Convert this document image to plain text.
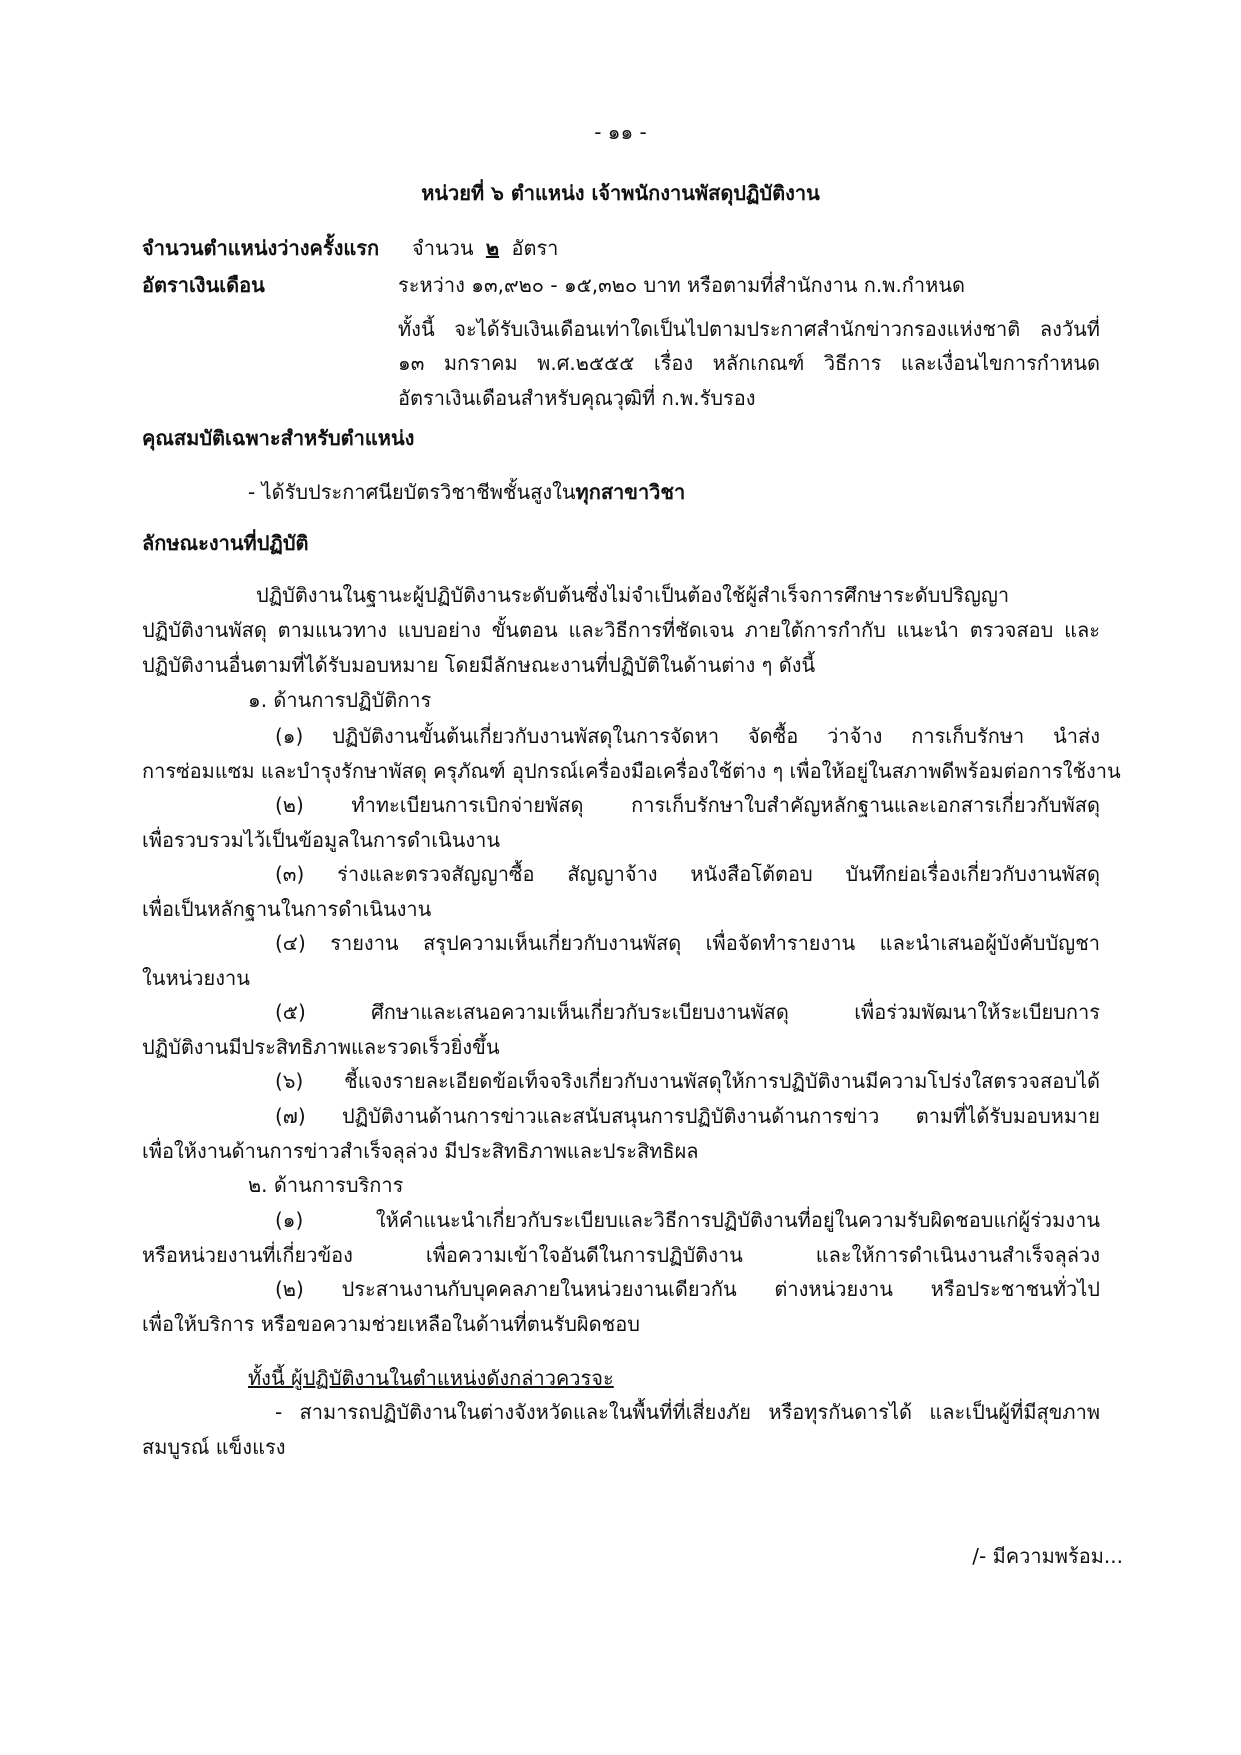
- ๑๑ -
หน่วยที่ ๖ ตำแหน่ง เจ้าพนักงานพัสดุปฏิบัติงาน
จำนวนตำแหน่งว่างครั้งแรก จำนวน ๒ อัตรา
อัตราเงินเดือน	ระหว่าง ๑๓,๙๒๐ - ๑๕,๓๒๐ บาท หรือตามที่สำนักงาน ก.พ.กำหนด
ทั้งนี้ จะได้รับเงินเดือนเท่าใดเป็นไปตามประกาศสำนักข่าวกรองแห่งชาติ ลงวันที่
๑๓ มกราคม พ.ศ.๒๕๕๕ เรื่อง หลักเกณฑ์ วิธีการ และเงื่อนไขการกำหนด
อัตราเงินเดือนสำหรับคุณวุฒิที่ ก.พ.รับรอง
คุณสมบัติเฉพาะสำหรับตำแหน่ง
- ได้รับประกาศนียบัตรวิชาชีพชั้นสูงในทุกสาขาวิชา
ลักษณะงานที่ปฏิบัติ
ปฏิบัติงานในฐานะผู้ปฏิบัติงานระดับต้นซึ่งไม่จำเป็นต้องใช้ผู้สำเร็จการศึกษาระดับปริญญา
ปฏิบัติงานพัสดุ ตามแนวทาง แบบอย่าง ขั้นตอน และวิธีการที่ชัดเจน ภายใต้การกำกับ แนะนำ ตรวจสอบ และ
ปฏิบัติงานอื่นตามที่ได้รับมอบหมาย โดยมีลักษณะงานที่ปฏิบัติในด้านต่าง ๆ ดังนี้
๑. ด้านการปฏิบัติการ
(๑) ปฏิบัติงานขั้นต้นเกี่ยวกับงานพัสดุในการจัดหา จัดซื้อ ว่าจ้าง การเก็บรักษา นำส่ง
การซ่อมแซม และบำรุงรักษาพัสดุ ครุภัณฑ์ อุปกรณ์เครื่องมือเครื่องใช้ต่าง ๆ เพื่อให้อยู่ในสภาพดีพร้อมต่อการใช้งาน
(๒) ทำทะเบียนการเบิกจ่ายพัสดุ การเก็บรักษาใบสำคัญหลักฐานและเอกสารเกี่ยวกับพัสดุ
เพื่อรวบรวมไว้เป็นข้อมูลในการดำเนินงาน
(๓) ร่างและตรวจสัญญาซื้อ สัญญาจ้าง หนังสือโต้ตอบ บันทึกย่อเรื่องเกี่ยวกับงานพัสดุ
เพื่อเป็นหลักฐานในการดำเนินงาน
(๔) รายงาน สรุปความเห็นเกี่ยวกับงานพัสดุ เพื่อจัดทำรายงาน และนำเสนอผู้บังคับบัญชา
ในหน่วยงาน
(๕) ศึกษาและเสนอความเห็นเกี่ยวกับระเบียบงานพัสดุ เพื่อร่วมพัฒนาให้ระเบียบการ
ปฏิบัติงานมีประสิทธิภาพและรวดเร็วยิ่งขึ้น
(๖) ชี้แจงรายละเอียดข้อเท็จจริงเกี่ยวกับงานพัสดุให้การปฏิบัติงานมีความโปร่งใสตรวจสอบได้
(๗) ปฏิบัติงานด้านการข่าวและสนับสนุนการปฏิบัติงานด้านการข่าว ตามที่ได้รับมอบหมาย
เพื่อให้งานด้านการข่าวสำเร็จลุล่วง มีประสิทธิภาพและประสิทธิผล
๒. ด้านการบริการ
(๑) ให้คำแนะนำเกี่ยวกับระเบียบและวิธีการปฏิบัติงานที่อยู่ในความรับผิดชอบแก่ผู้ร่วมงาน
หรือหน่วยงานที่เกี่ยวข้อง เพื่อความเข้าใจอันดีในการปฏิบัติงาน และให้การดำเนินงานสำเร็จลุล่วง
(๒) ประสานงานกับบุคคลภายในหน่วยงานเดียวกัน ต่างหน่วยงาน หรือประชาชนทั่วไป
เพื่อให้บริการ หรือขอความช่วยเหลือในด้านที่ตนรับผิดชอบ
ทั้งนี้ ผู้ปฏิบัติงานในตำแหน่งดังกล่าวควรจะ
- สามารถปฏิบัติงานในต่างจังหวัดและในพื้นที่ที่เสี่ยงภัย หรือทุรกันดารได้ และเป็นผู้ที่มีสุขภาพ
สมบูรณ์ แข็งแรง
/- มีความพร้อม...
